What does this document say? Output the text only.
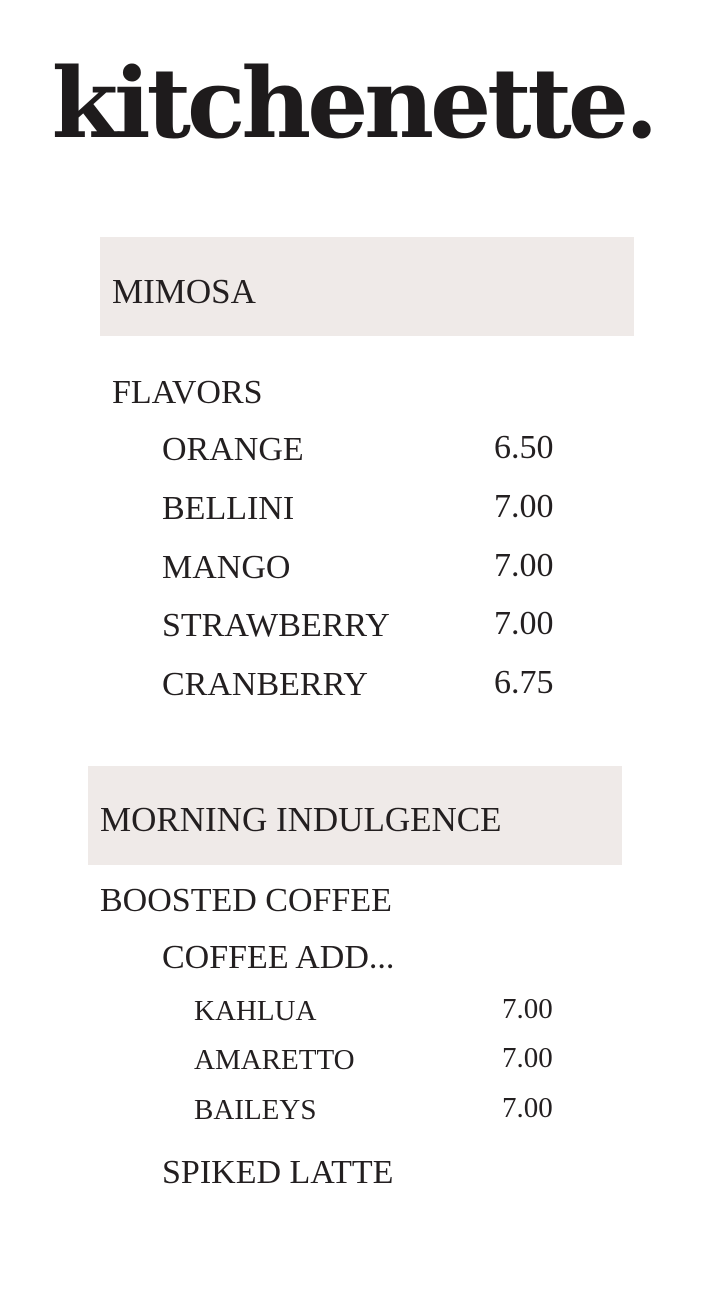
kitchenette.
MIMOSA
FLAVORS
ORANGE	6.50
BELLINI	7.00
MANGO	7.00
STRAWBERRY	7.00
CRANBERRY	6.75
MORNING INDULGENCE
BOOSTED COFFEE
COFFEE ADD...
KAHLUA	7.00
AMARETTO	7.00
BAILEYS	7.00
SPIKED LATTE
